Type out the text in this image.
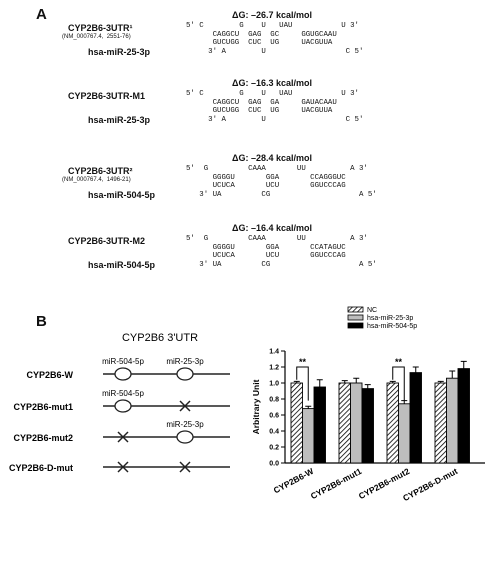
A	ΔG: –26.7 kcal/mol
CYP2B6-3UTR¹
(NM_000767.4,  2551-76)
5' C        G    U   UAU           U 3'
CAGGCU  GAG  GC     GGUGCAAU
GUCUGG  CUC  UG     UACGUUA
3' A        U                  C 5'
hsa-miR-25-3p
ΔG: –16.3 kcal/mol
CYP2B6-3UTR-M1	5' C        G    U   UAU           U 3'
CAGGCU  GAG  GA     GAUACAAU
GUCUGG  CUC  UG     UACGUUA
3' A        U                  C 5'
hsa-miR-25-3p
ΔG: –28.4 kcal/mol
CYP2B6-3UTR²
(NM_000767.4,  1496-21)
5'  G         CAAA       UU          A 3'
GGGGU       GGA       CCAGGGUC
UCUCA       UCU       GGUCCCAG
3' UA         CG                    A 5'
hsa-miR-504-5p
ΔG: –16.4 kcal/mol
CYP2B6-3UTR-M2	5'  G         CAAA       UU          A 3'
GGGGU       GGA       CCATAGUC
UCUCA       UCU       GGUCCCAG
3' UA         CG                    A 5'
hsa-miR-504-5p
B
CYP2B6 3'UTR
CYP2B6-W
miR-504-5p	miR-25-3p
CYP2B6-mut1
miR-504-5p
CYP2B6-mut2
miR-25-3p
CYP2B6-D-mut	0.0
0.2
0.4
0.6
0.8
1.0
1.2
1.4
Arbitrary Unit
NC
hsa-miR-25-3p
hsa-miR-504-5p
CYP2B6-W
CYP2B6-mut1
CYP2B6-mut2
CYP2B6-D-mut
**	**
